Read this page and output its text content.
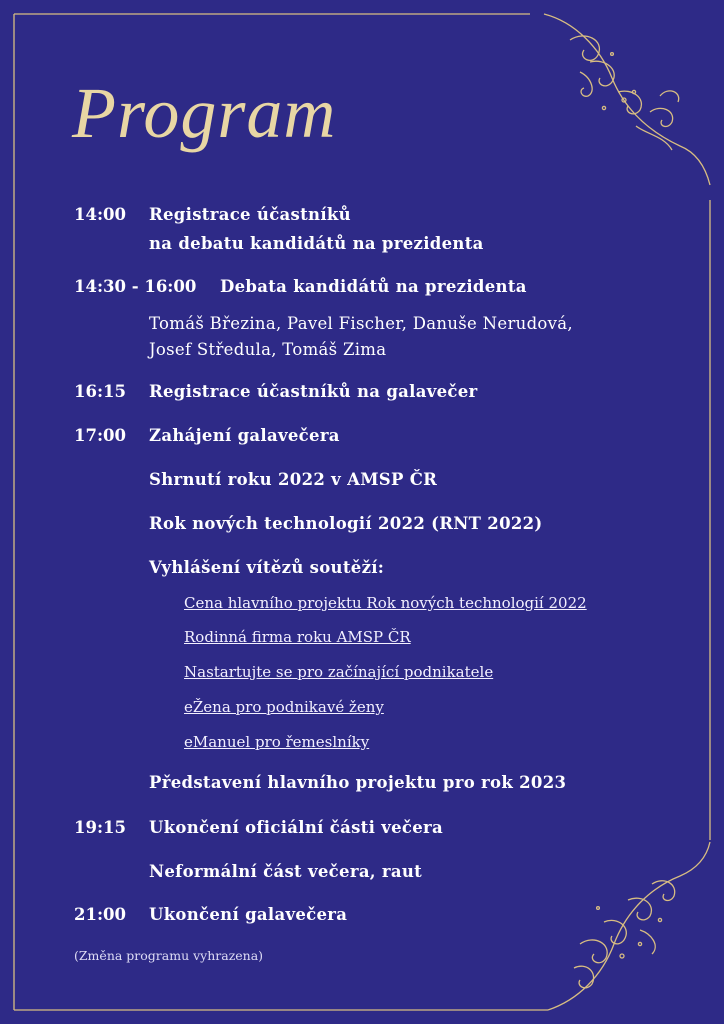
Program
14:00 Registrace účastníků
na debatu kandidátů na prezidenta
14:30 - 16:00 Debata kandidátů na prezidenta
Tomáš Březina, Pavel Fischer, Danuše Nerudová,
Josef Středula, Tomáš Zima
16:15 Registrace účastníků na galavečer
17:00 Zahájení galavečera
Shrnutí roku 2022 v AMSP ČR
Rok nových technologií 2022 (RNT 2022)
Vyhlášení vítězů soutěží:
Cena hlavního projektu Rok nových technologií 2022
Rodinná firma roku AMSP ČR
Nastartujte se pro začínající podnikatele
eŽena pro podnikavé ženy
eManuel pro řemeslníky
Představení hlavního projektu pro rok 2023
19:15 Ukončení oficiální části večera
Neformální část večera, raut
21:00 Ukončení galavečera
(Změna programu vyhrazena)
